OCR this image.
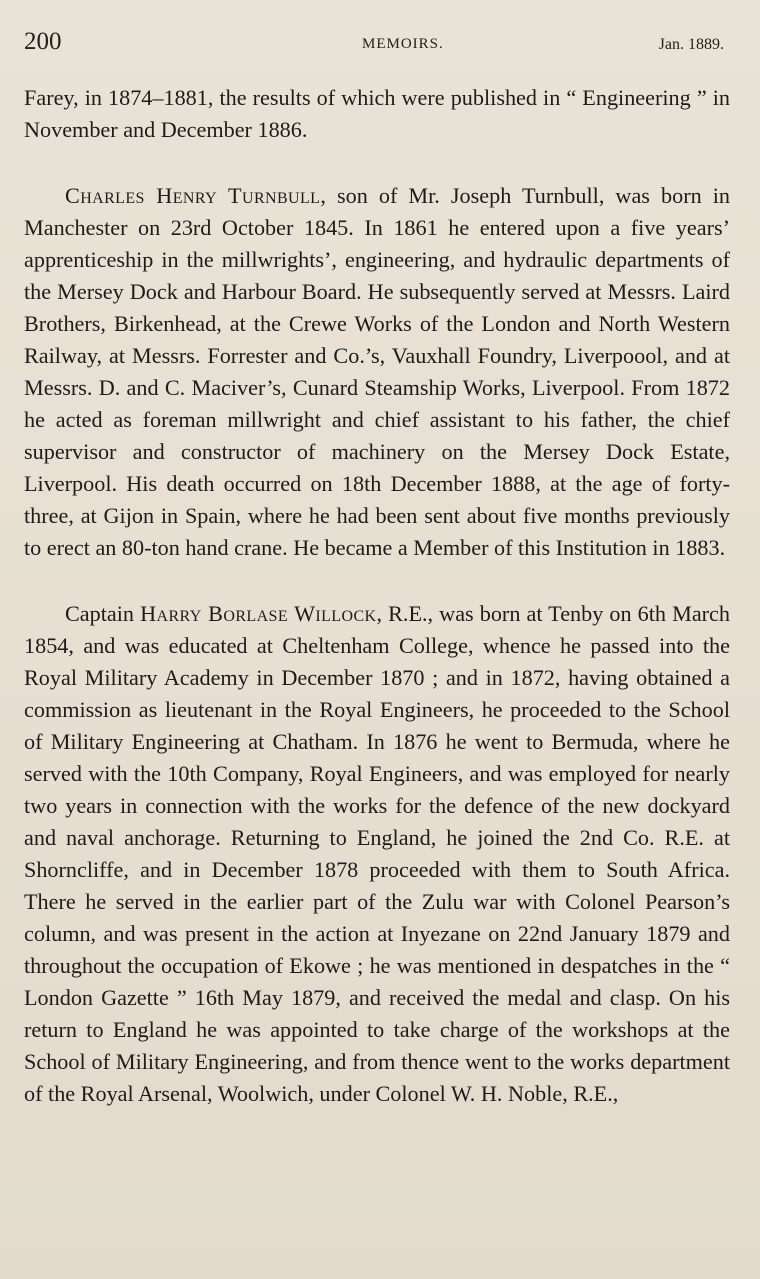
200	MEMOIRS.	Jan. 1889.

Farey, in 1874–1881, the results of which were published in “ Engineering ” in November and December 1886.

Charles Henry Turnbull, son of Mr. Joseph Turnbull, was born in Manchester on 23rd October 1845. In 1861 he entered upon a five years’ apprenticeship in the millwrights’, engineering, and hydraulic departments of the Mersey Dock and Harbour Board. He subsequently served at Messrs. Laird Brothers, Birkenhead, at the Crewe Works of the London and North Western Railway, at Messrs. Forrester and Co.’s, Vauxhall Foundry, Liverpoool, and at Messrs. D. and C. Maciver’s, Cunard Steamship Works, Liverpool. From 1872 he acted as foreman millwright and chief assistant to his father, the chief supervisor and constructor of machinery on the Mersey Dock Estate, Liverpool. His death occurred on 18th December 1888, at the age of forty-three, at Gijon in Spain, where he had been sent about five months previously to erect an 80-ton hand crane. He became a Member of this Institution in 1883.

Captain Harry Borlase Willock, R.E., was born at Tenby on 6th March 1854, and was educated at Cheltenham College, whence he passed into the Royal Military Academy in December 1870 ; and in 1872, having obtained a commission as lieutenant in the Royal Engineers, he proceeded to the School of Military Engineering at Chatham. In 1876 he went to Bermuda, where he served with the 10th Company, Royal Engineers, and was employed for nearly two years in connection with the works for the defence of the new dockyard and naval anchorage. Returning to England, he joined the 2nd Co. R.E. at Shorncliffe, and in December 1878 proceeded with them to South Africa. There he served in the earlier part of the Zulu war with Colonel Pearson’s column, and was present in the action at Inyezane on 22nd January 1879 and throughout the occupation of Ekowe ; he was mentioned in despatches in the “ London Gazette ” 16th May 1879, and received the medal and clasp. On his return to England he was appointed to take charge of the workshops at the School of Military Engineering, and from thence went to the works department of the Royal Arsenal, Woolwich, under Colonel W. H. Noble, R.E.,
